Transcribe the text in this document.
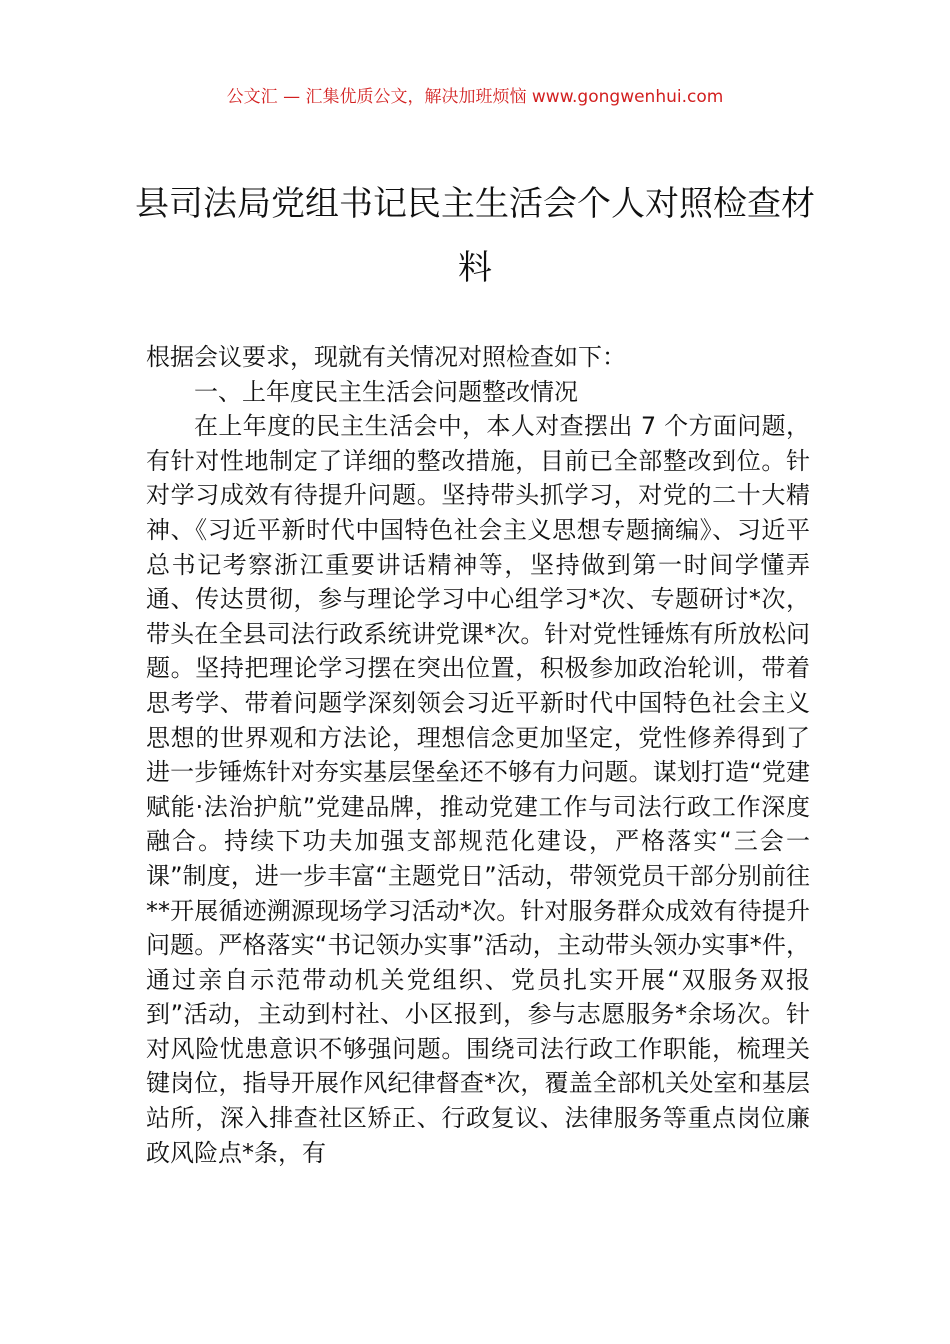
公文汇 — 汇集优质公文，解决加班烦恼 www.gongwenhui.com
县司法局党组书记民主生活会个人对照检查材料

根据会议要求，现就有关情况对照检查如下：

一、上年度民主生活会问题整改情况

在上年度的民主生活会中，本人对查摆出 7 个方面问题，有针对性地制定了详细的整改措施，目前已全部整改到位。针对学习成效有待提升问题。坚持带头抓学习，对党的二十大精神、《习近平新时代中国特色社会主义思想专题摘编》、习近平总书记考察浙江重要讲话精神等，坚持做到第一时间学懂弄通、传达贯彻，参与理论学习中心组学习*次、专题研讨*次，带头在全县司法行政系统讲党课*次。针对党性锤炼有所放松问题。坚持把理论学习摆在突出位置，积极参加政治轮训，带着思考学、带着问题学深刻领会习近平新时代中国特色社会主义思想的世界观和方法论，理想信念更加坚定，党性修养得到了进一步锤炼针对夯实基层堡垒还不够有力问题。谋划打造“党建赋能·法治护航”党建品牌，推动党建工作与司法行政工作深度融合。持续下功夫加强支部规范化建设，严格落实“三会一课”制度，进一步丰富“主题党日”活动，带领党员干部分别前往**开展循迹溯源现场学习活动*次。针对服务群众成效有待提升问题。严格落实“书记领办实事”活动，主动带头领办实事*件，通过亲自示范带动机关党组织、党员扎实开展“双服务双报到”活动，主动到村社、小区报到，参与志愿服务*余场次。针对风险忧患意识不够强问题。围绕司法行政工作职能，梳理关键岗位，指导开展作风纪律督查*次，覆盖全部机关处室和基层站所，深入排查社区矫正、行政复议、法律服务等重点岗位廉政风险点*条，有
